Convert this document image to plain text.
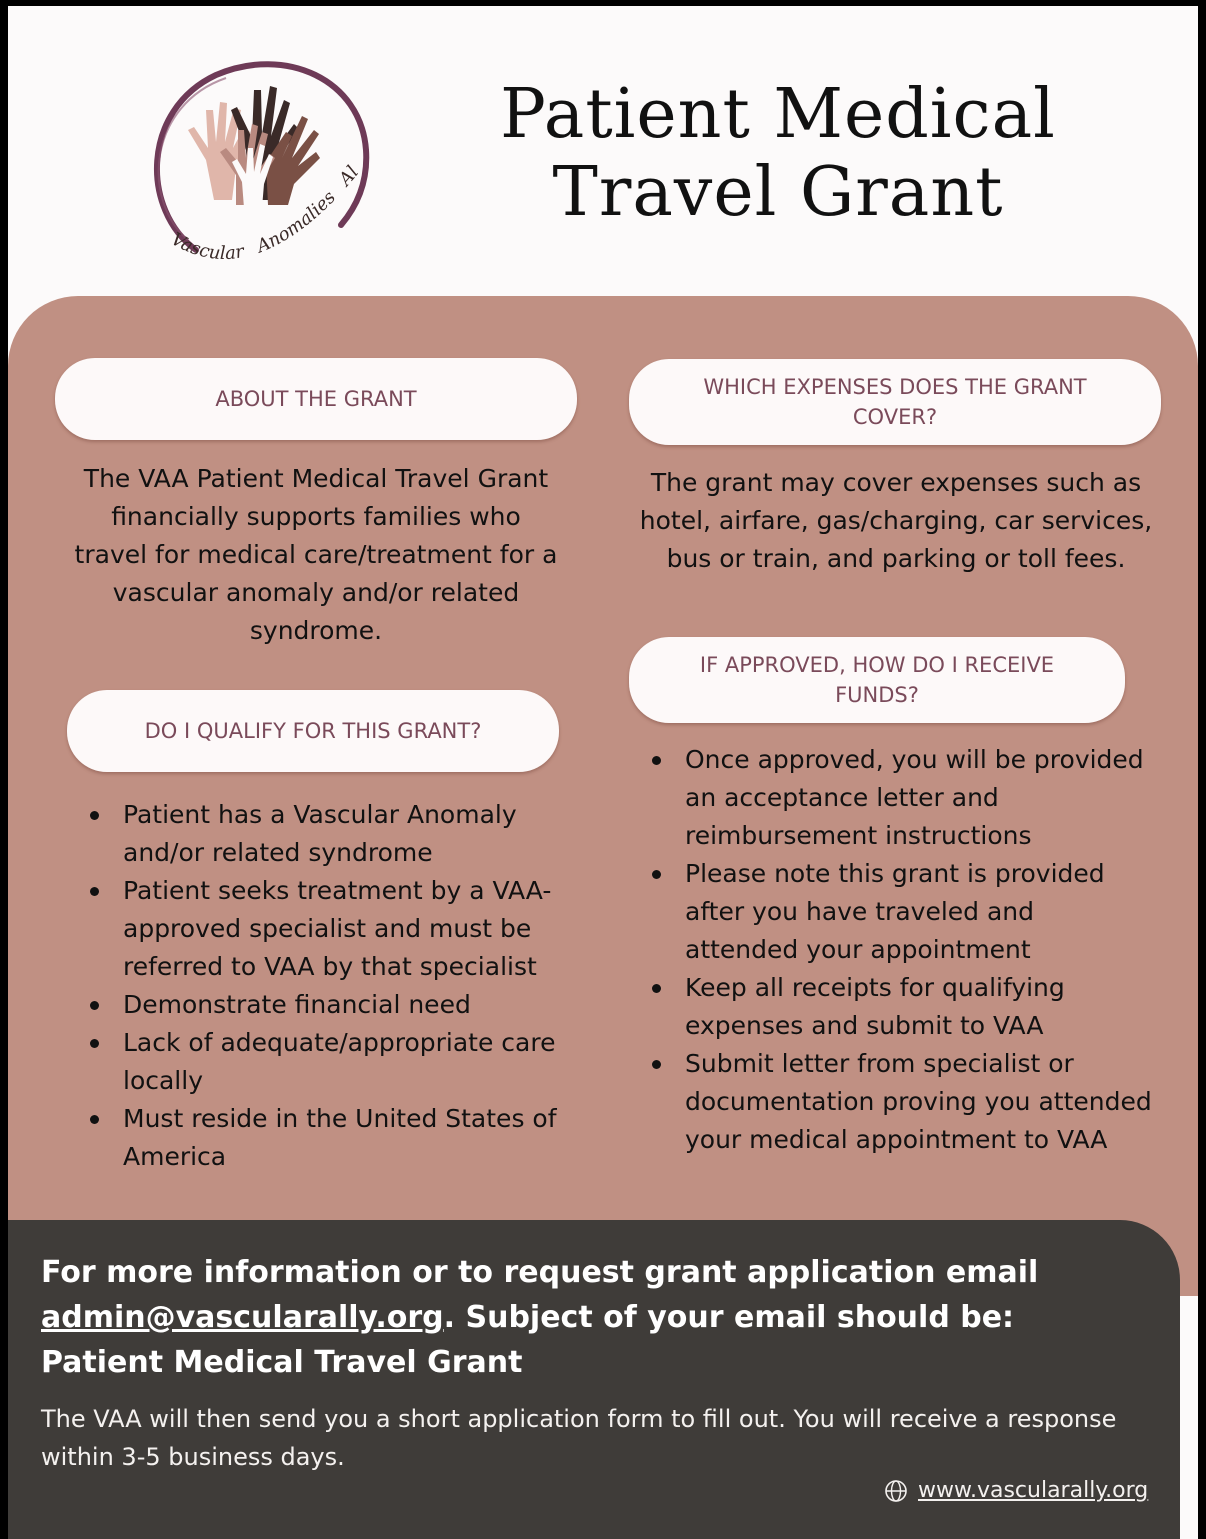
Vascular Anomalies Al
Patient Medical
Travel Grant
ABOUT THE GRANT
The VAA Patient Medical Travel Grant financially supports families who travel for medical care/treatment for a vascular anomaly and/or related syndrome.
DO I QUALIFY FOR THIS GRANT?
Patient has a Vascular Anomaly and/or related syndrome
Patient seeks treatment by a VAA-approved specialist and must be referred to VAA by that specialist
Demonstrate financial need
Lack of adequate/appropriate care locally
Must reside in the United States of America
WHICH EXPENSES DOES THE GRANT COVER?
The grant may cover expenses such as hotel, airfare, gas/charging, car services, bus or train, and parking or toll fees.
IF APPROVED, HOW DO I RECEIVE FUNDS?
Once approved, you will be provided an acceptance letter and reimbursement instructions
Please note this grant is provided after you have traveled and attended your appointment
Keep all receipts for qualifying expenses and submit to VAA
Submit letter from specialist or documentation proving you attended your medical appointment to VAA
For more information or to request grant application email admin@vascularally.org. Subject of your email should be:
Patient Medical Travel Grant
The VAA will then send you a short application form to fill out. You will receive a response within 3-5 business days.
www.vascularally.org
